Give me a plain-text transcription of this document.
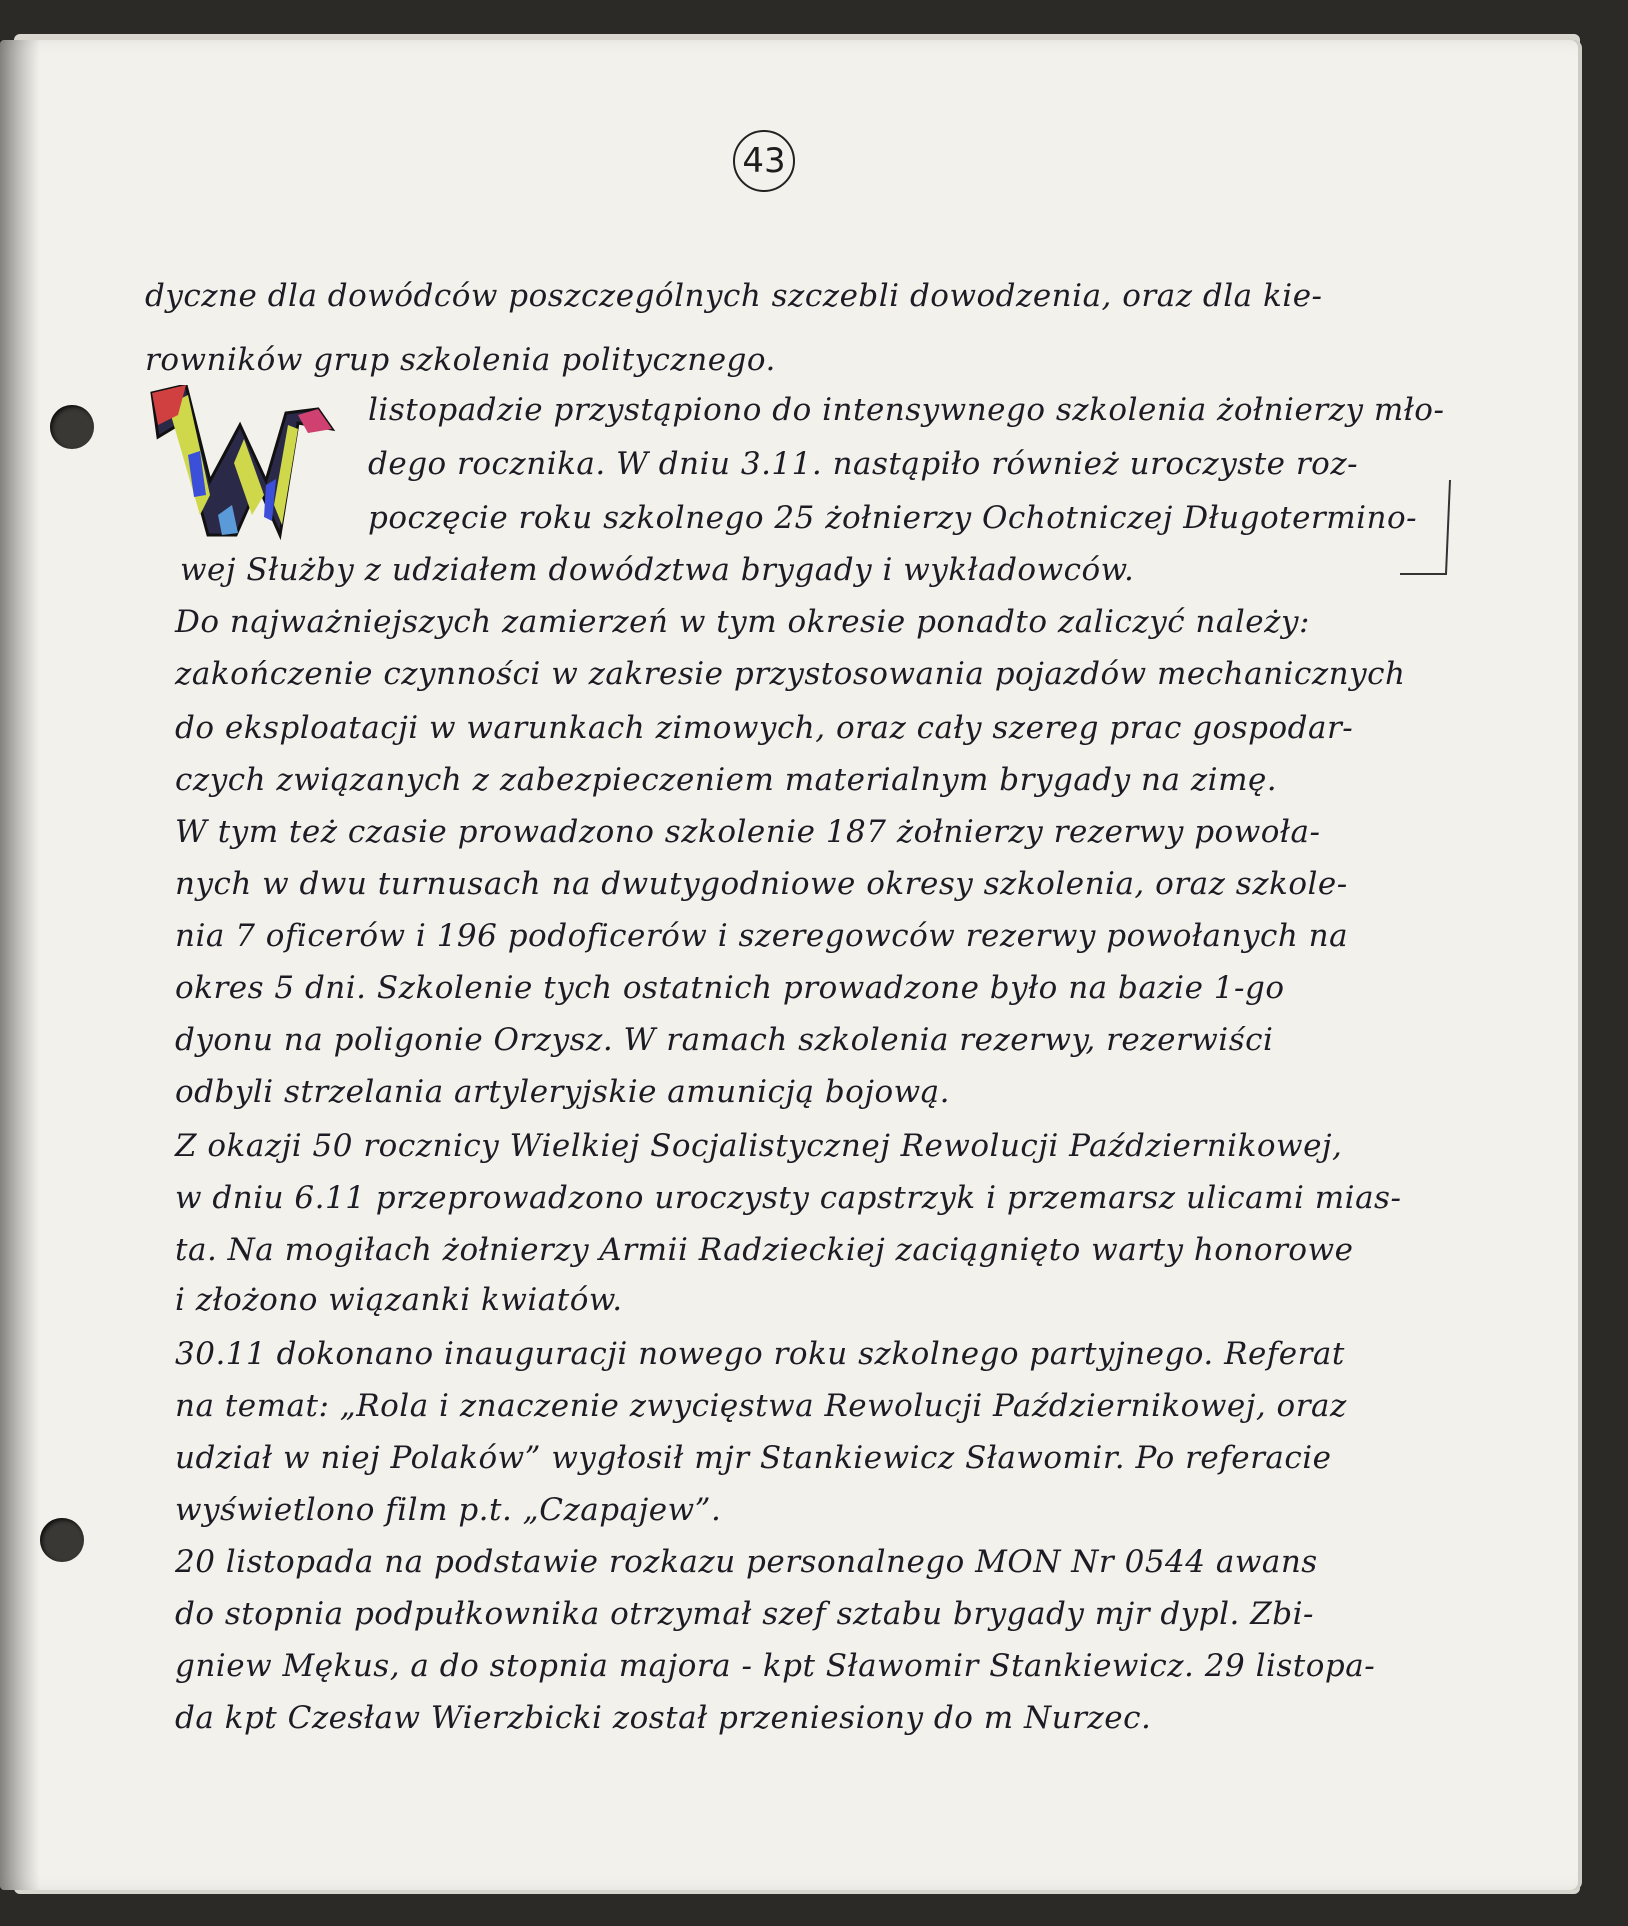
43
dyczne dla dowódców poszczególnych szczebli dowodzenia, oraz dla kie-
rowników grup szkolenia politycznego.
listopadzie przystąpiono do intensywnego szkolenia żołnierzy mło-
dego rocznika. W dniu 3.11. nastąpiło również uroczyste roz-
poczęcie roku szkolnego 25 żołnierzy Ochotniczej Długotermino-
wej Służby z udziałem dowództwa brygady i wykładowców.
Do najważniejszych zamierzeń w tym okresie ponadto zaliczyć należy:
zakończenie czynności w zakresie przystosowania pojazdów mechanicznych
do eksploatacji w warunkach zimowych, oraz cały szereg prac gospodar-
czych związanych z zabezpieczeniem materialnym brygady na zimę.
W tym też czasie prowadzono szkolenie 187 żołnierzy rezerwy powoła-
nych w dwu turnusach na dwutygodniowe okresy szkolenia, oraz szkole-
nia 7 oficerów i 196 podoficerów i szeregowców rezerwy powołanych na
okres 5 dni. Szkolenie tych ostatnich prowadzone było na bazie 1-go
dyonu na poligonie Orzysz. W ramach szkolenia rezerwy, rezerwiści
odbyli strzelania artyleryjskie amunicją bojową.
Z okazji 50 rocznicy Wielkiej Socjalistycznej Rewolucji Październikowej,
w dniu 6.11 przeprowadzono uroczysty capstrzyk i przemarsz ulicami mias-
ta. Na mogiłach żołnierzy Armii Radzieckiej zaciągnięto warty honorowe
i złożono wiązanki kwiatów.
30.11 dokonano inauguracji nowego roku szkolnego partyjnego. Referat
na temat: „Rola i znaczenie zwycięstwa Rewolucji Październikowej, oraz
udział w niej Polaków” wygłosił mjr Stankiewicz Sławomir. Po referacie
wyświetlono film p.t. „Czapajew”.
20 listopada na podstawie rozkazu personalnego MON Nr 0544 awans
do stopnia podpułkownika otrzymał szef sztabu brygady mjr dypl. Zbi-
gniew Mękus, a do stopnia majora - kpt Sławomir Stankiewicz. 29 listopa-
da kpt Czesław Wierzbicki został przeniesiony do m Nurzec.
